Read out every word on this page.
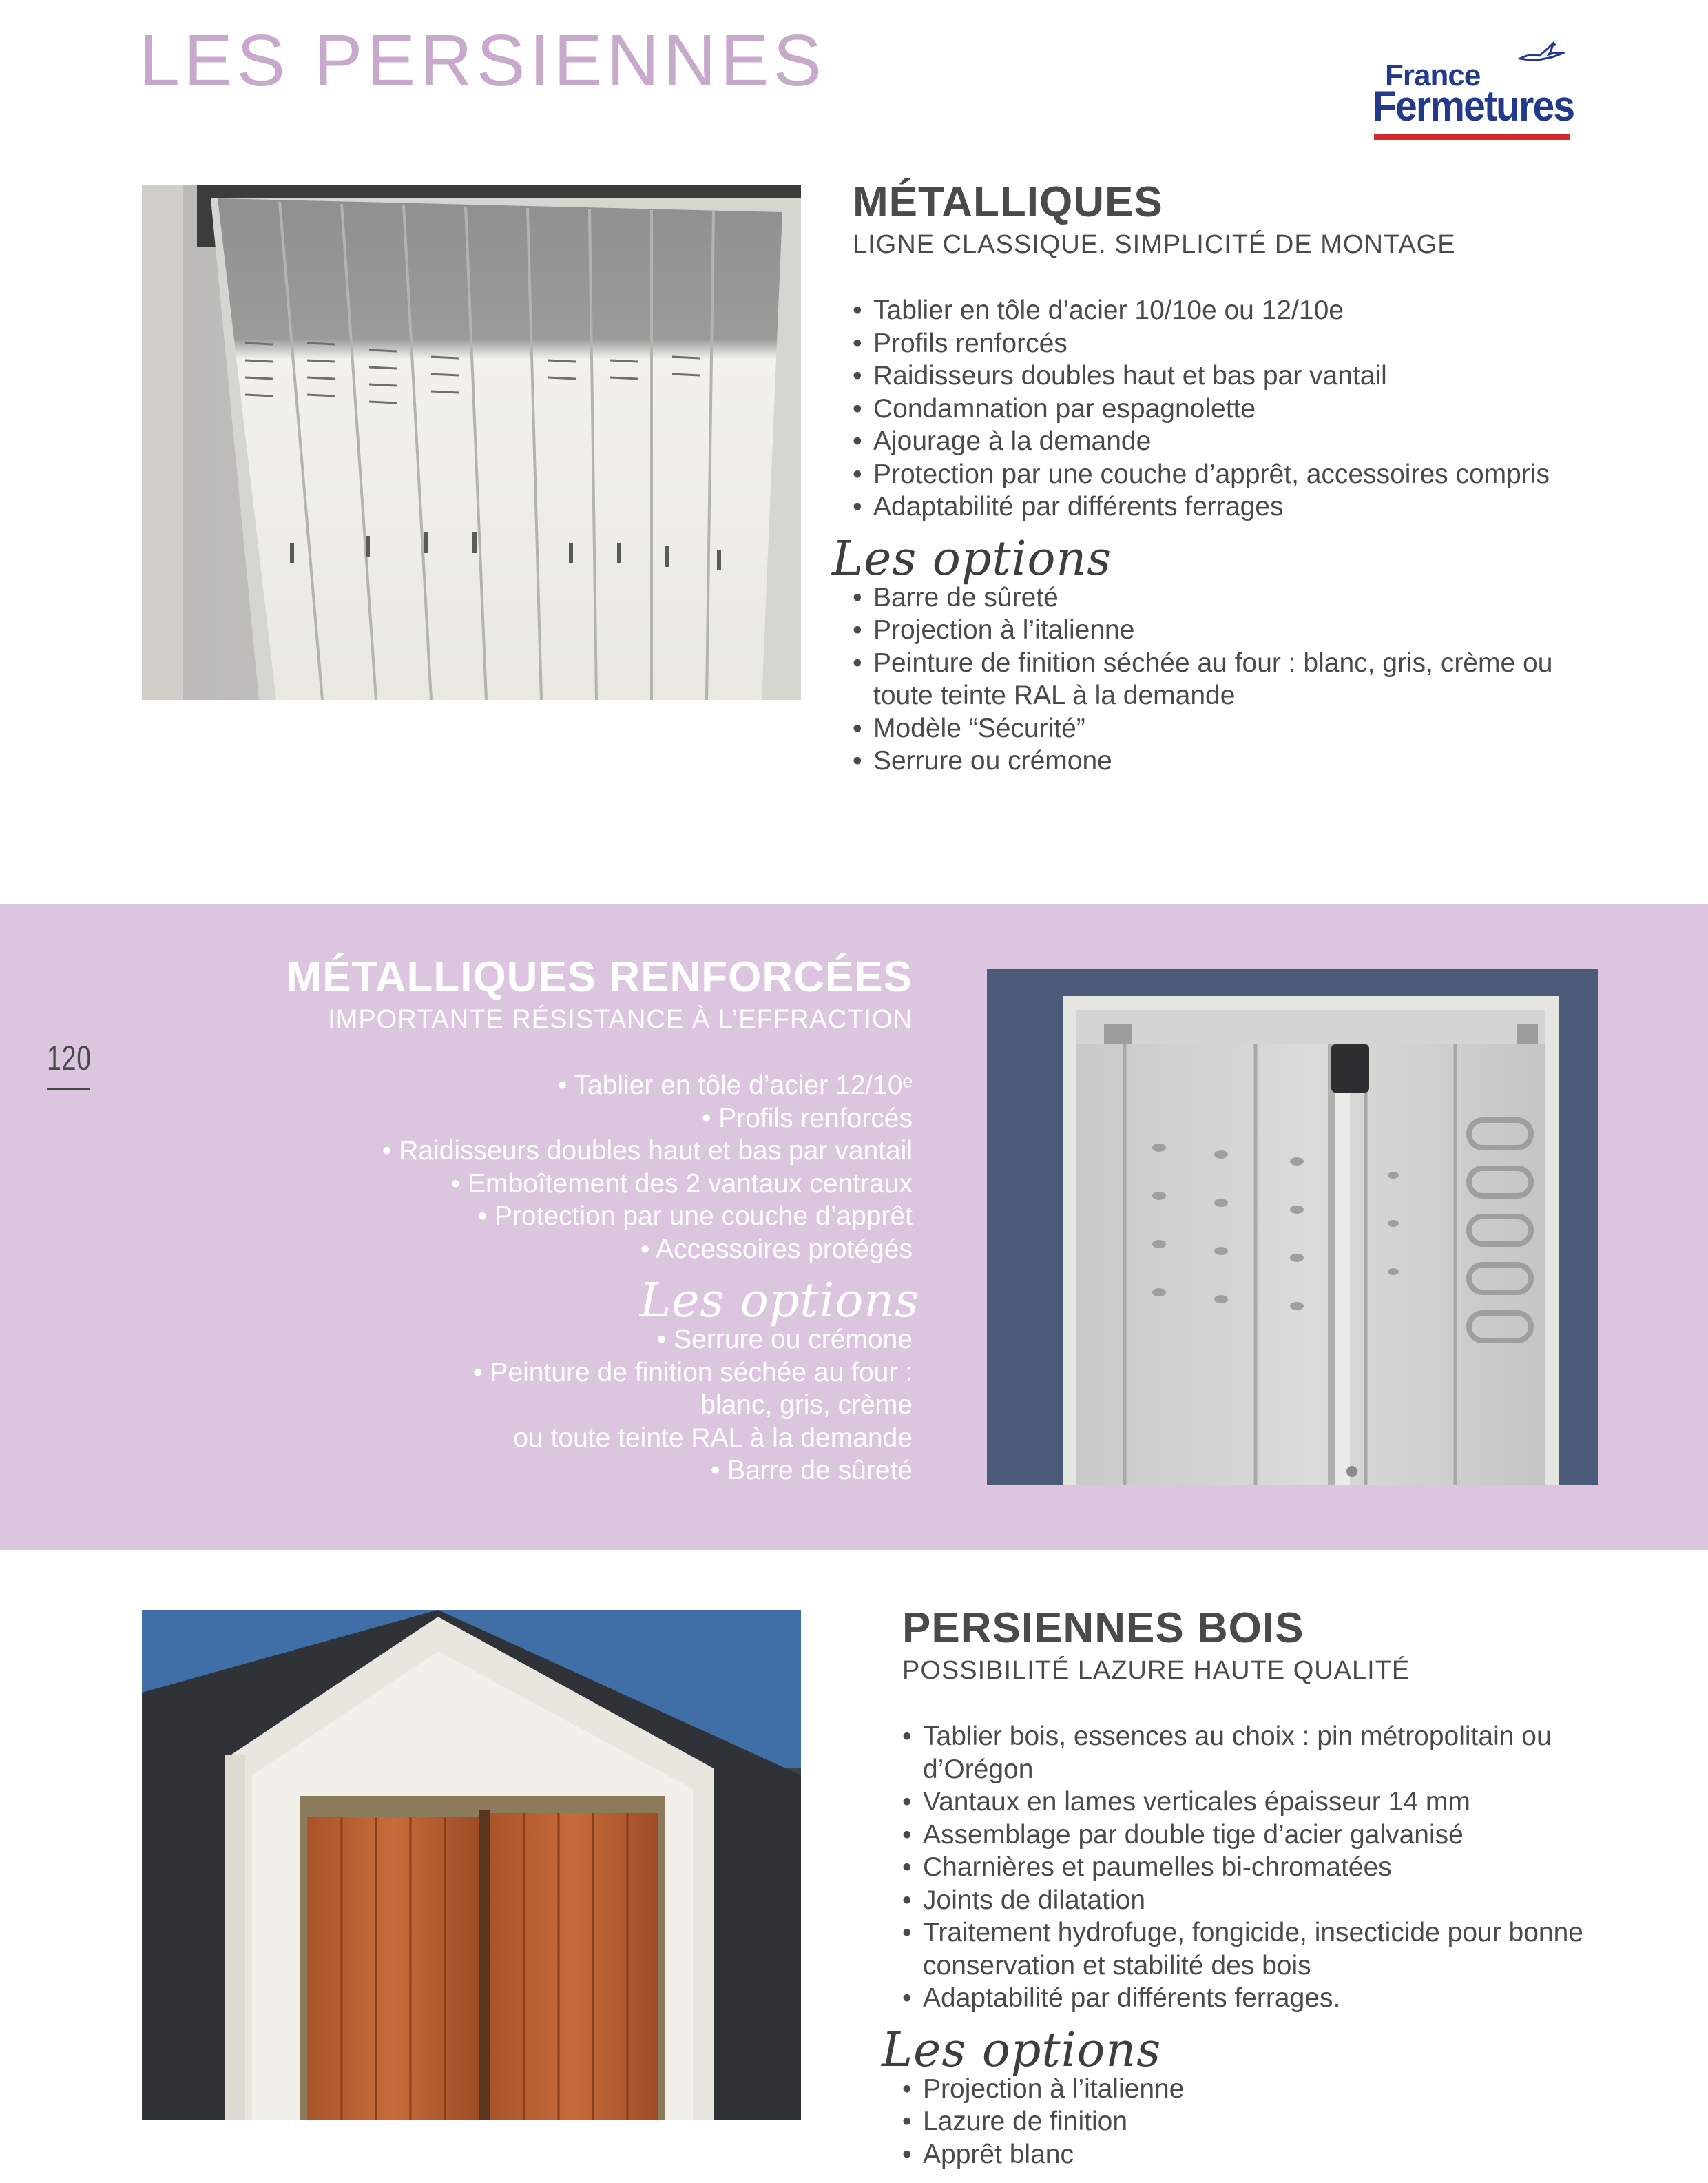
LES PERSIENNES	France
Fermetures
MÉTALLIQUES
LIGNE CLASSIQUE. SIMPLICITÉ DE MONTAGE
• Tablier en tôle d’acier 10/10e ou 12/10e
• Profils renforcés
• Raidisseurs doubles haut et bas par vantail
• Condamnation par espagnolette
• Ajourage à la demande
• Protection par une couche d’apprêt, accessoires compris
• Adaptabilité par différents ferrages
Les options
• Barre de sûreté
• Projection à l’italienne
• Peinture de finition séchée au four : blanc, gris, crème ou toute teinte RAL à la demande
• Modèle “Sécurité”
• Serrure ou crémone
120
MÉTALLIQUES RENFORCÉES
IMPORTANTE RÉSISTANCE À L’EFFRACTION
• Tablier en tôle d’acier 12/10ᵉ
• Profils renforcés
• Raidisseurs doubles haut et bas par vantail
• Emboîtement des 2 vantaux centraux
• Protection par une couche d’apprêt
• Accessoires protégés
Les options
• Serrure ou crémone
• Peinture de finition séchée au four :
blanc, gris, crème
ou toute teinte RAL à la demande
• Barre de sûreté
PERSIENNES BOIS
POSSIBILITÉ LAZURE HAUTE QUALITÉ
• Tablier bois, essences au choix : pin métropolitain ou d’Orégon
• Vantaux en lames verticales épaisseur 14 mm
• Assemblage par double tige d’acier galvanisé
• Charnières et paumelles bi-chromatées
• Joints de dilatation
• Traitement hydrofuge, fongicide, insecticide pour bonne conservation et stabilité des bois
• Adaptabilité par différents ferrages.
Les options
• Projection à l’italienne
• Lazure de finition
• Apprêt blanc
